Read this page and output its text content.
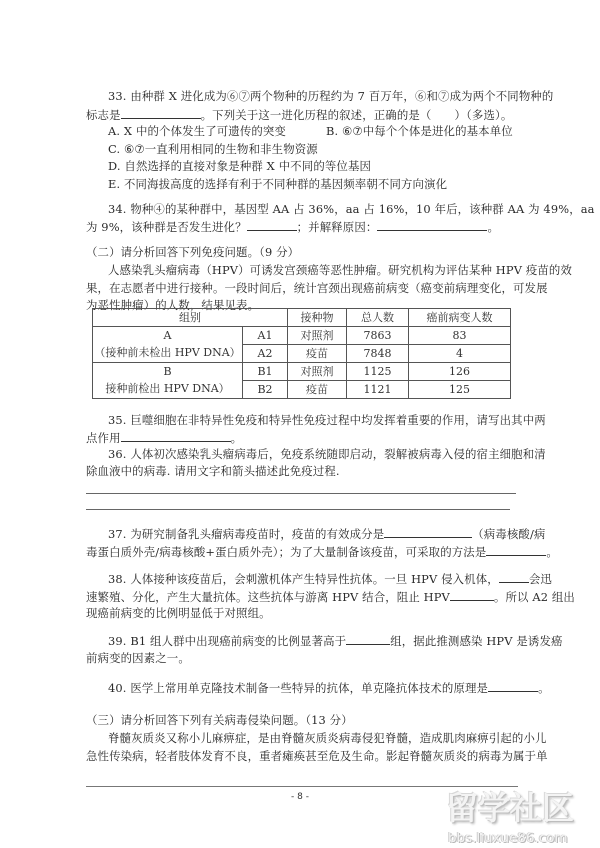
33. 由种群 X 进化成为⑥⑦两个物种的历程约为 7 百万年，⑥和⑦成为两个不同物种的
标志是	。下列关于这一进化历程的叙述，正确的是（　　）（多选）。
A. X 中的个体发生了可遗传的突变	B. ⑥⑦中每个个体是进化的基本单位
C. ⑥⑦一直利用相同的生物和非生物资源
D. 自然选择的直接对象是种群 X 中不同的等位基因
E. 不同海拔高度的选择有利于不同种群的基因频率朝不同方向演化
34. 物种④的某种群中，基因型 AA 占 36%，aa 占 16%，10 年后，该种群 AA 为 49%，aa
为 9%，该种群是否发生进化？	；并解释原因：	。
（二）请分析回答下列免疫问题。（9 分）
人感染乳头瘤病毒（HPV）可诱发宫颈癌等恶性肿瘤。研究机构为评估某种 HPV 疫苗的效
果，在志愿者中进行接种。一段时间后，统计宫颈出现癌前病变（癌变前病理变化，可发展
为恶性肿瘤）的人数，结果见表。
组别		接种物	总人数	癌前病变人数

A
（接种前未检出 HPV DNA）	A1	对照剂	7863	83
	A2	疫苗	7848	4

B
接种前检出 HPV DNA）	B1	对照剂	1125	126
	B2	疫苗	1121	125
35. 巨噬细胞在非特异性免疫和特异性免疫过程中均发挥着重要的作用，请写出其中两
点作用	。
36. 人体初次感染乳头瘤病毒后，免疫系统随即启动，裂解被病毒入侵的宿主细胞和清
除血液中的病毒. 请用文字和箭头描述此免疫过程.
37. 为研究制备乳头瘤病毒疫苗时，疫苗的有效成分是	（病毒核酸/病
毒蛋白质外壳/病毒核酸+蛋白质外壳）；为了大量制备该疫苗，可采取的方法是	。
38. 人体接种该疫苗后，会刺激机体产生特异性抗体。一旦 HPV 侵入机体，	会迅
速繁殖、分化，产生大量抗体。这些抗体与游离 HPV 结合，阻止 HPV	。所以 A2 组出
现癌前病变的比例明显低于对照组。
39. B1 组人群中出现癌前病变的比例显著高于	组，据此推测感染 HPV 是诱发癌
前病变的因素之一。
40. 医学上常用单克隆技术制备一些特异的抗体，单克隆抗体技术的原理是	。
（三）请分析回答下列有关病毒侵染问题。（13 分）
脊髓灰质炎又称小儿麻痹症，是由脊髓灰质炎病毒侵犯脊髓，造成肌肉麻痹引起的小儿
急性传染病，轻者肢体发育不良，重者瘫痪甚至危及生命。影起脊髓灰质炎的病毒为属于单
- 8 -	留学社区
bbs.liuxue86.com
